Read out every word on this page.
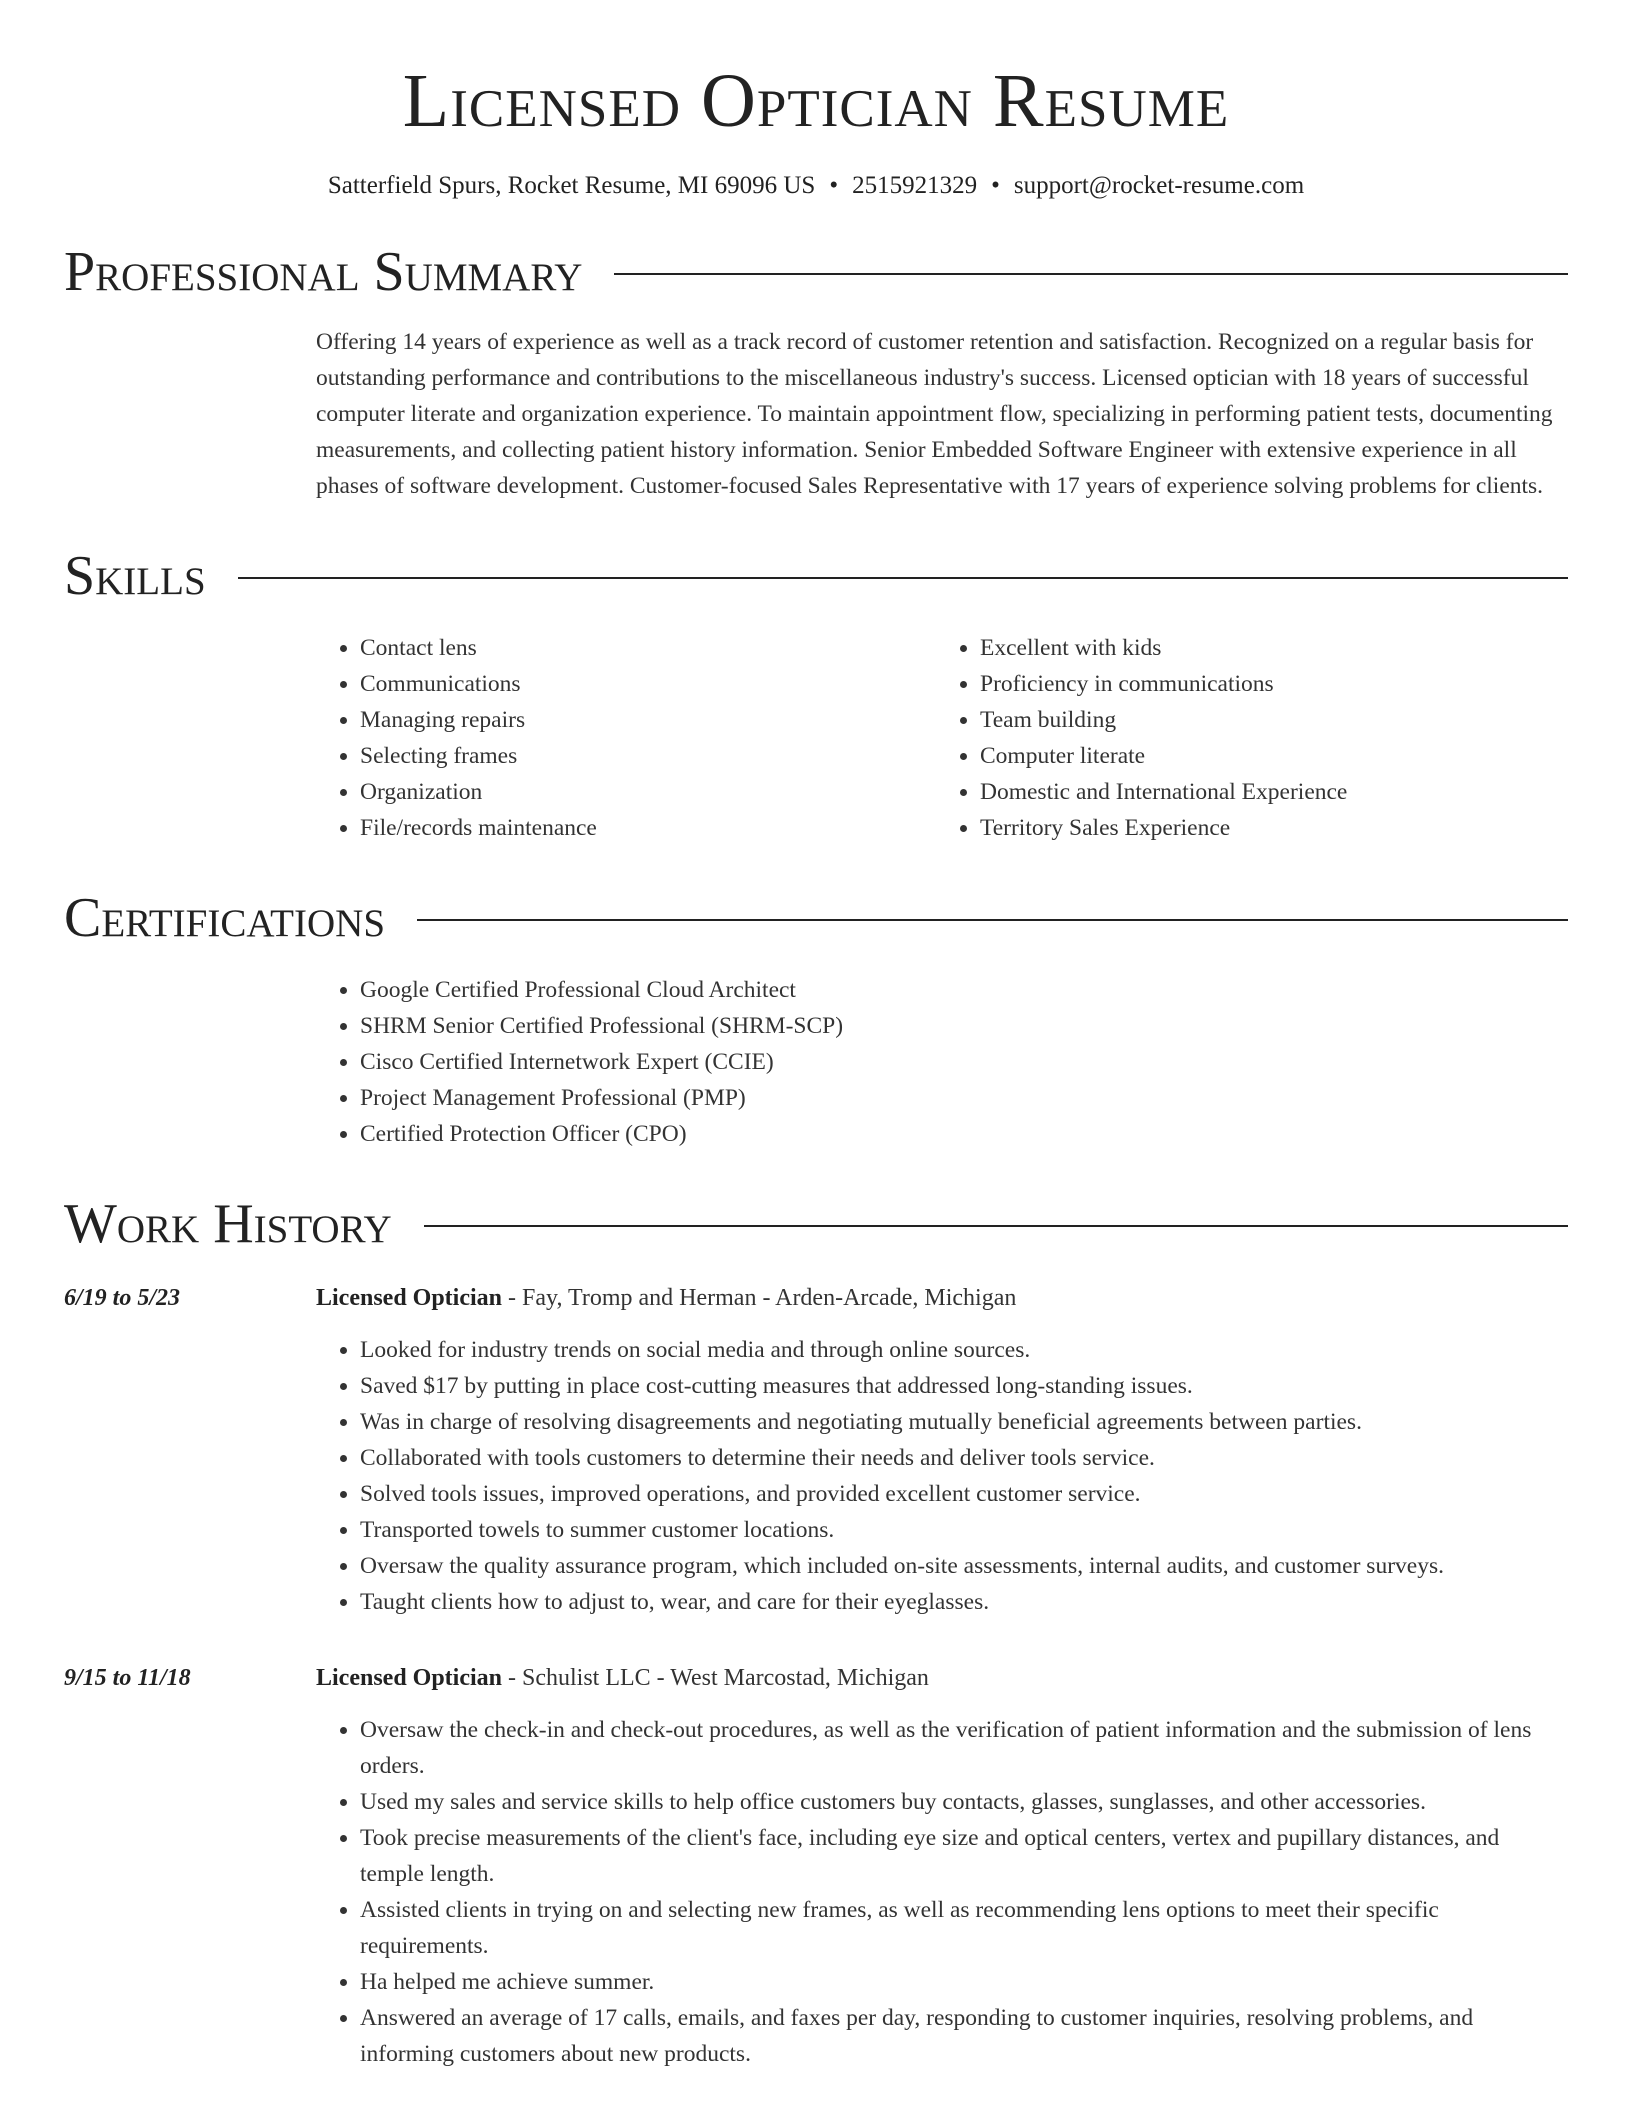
Licensed Optician Resume
Satterfield Spurs, Rocket Resume, MI 69096 US • 2515921329 • support@rocket-resume.com
Professional Summary
Offering 14 years of experience as well as a track record of customer retention and satisfaction. Recognized on a regular basis for outstanding performance and contributions to the miscellaneous industry's success. Licensed optician with 18 years of successful computer literate and organization experience. To maintain appointment flow, specializing in performing patient tests, documenting measurements, and collecting patient history information. Senior Embedded Software Engineer with extensive experience in all phases of software development. Customer-focused Sales Representative with 17 years of experience solving problems for clients.
Skills
• Contact lens
• Communications
• Managing repairs
• Selecting frames
• Organization
• File/records maintenance
• Excellent with kids
• Proficiency in communications
• Team building
• Computer literate
• Domestic and International Experience
• Territory Sales Experience
Certifications
• Google Certified Professional Cloud Architect
• SHRM Senior Certified Professional (SHRM-SCP)
• Cisco Certified Internetwork Expert (CCIE)
• Project Management Professional (PMP)
• Certified Protection Officer (CPO)
Work History
6/19 to 5/23	Licensed Optician - Fay, Tromp and Herman - Arden-Arcade, Michigan
• Looked for industry trends on social media and through online sources.
• Saved $17 by putting in place cost-cutting measures that addressed long-standing issues.
• Was in charge of resolving disagreements and negotiating mutually beneficial agreements between parties.
• Collaborated with tools customers to determine their needs and deliver tools service.
• Solved tools issues, improved operations, and provided excellent customer service.
• Transported towels to summer customer locations.
• Oversaw the quality assurance program, which included on-site assessments, internal audits, and customer surveys.
• Taught clients how to adjust to, wear, and care for their eyeglasses.
9/15 to 11/18	Licensed Optician - Schulist LLC - West Marcostad, Michigan
• Oversaw the check-in and check-out procedures, as well as the verification of patient information and the submission of lens orders.
• Used my sales and service skills to help office customers buy contacts, glasses, sunglasses, and other accessories.
• Took precise measurements of the client's face, including eye size and optical centers, vertex and pupillary distances, and temple length.
• Assisted clients in trying on and selecting new frames, as well as recommending lens options to meet their specific requirements.
• Ha helped me achieve summer.
• Answered an average of 17 calls, emails, and faxes per day, responding to customer inquiries, resolving problems, and informing customers about new products.
